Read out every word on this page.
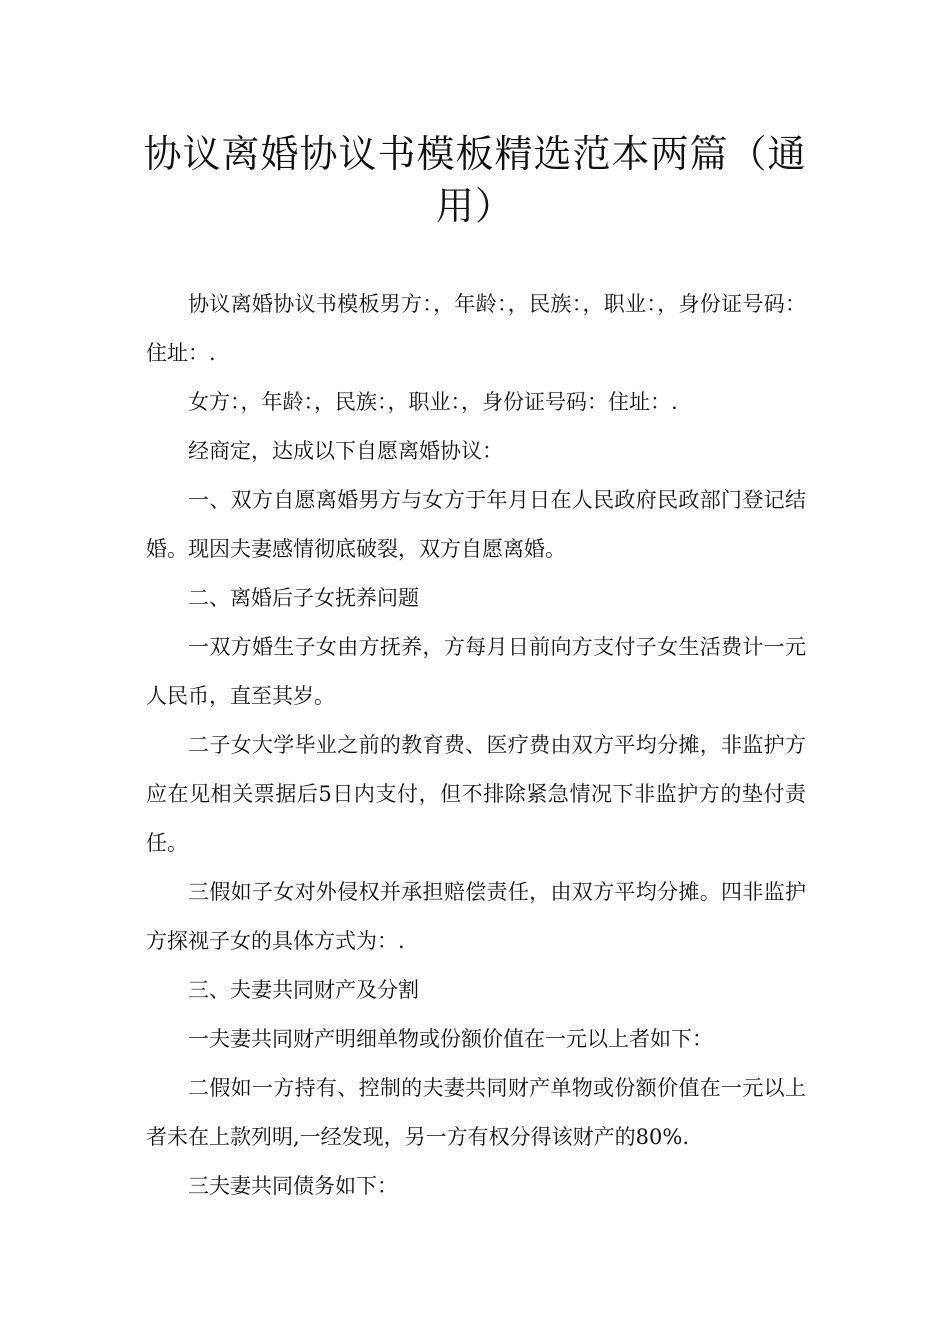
协议离婚协议书模板精选范本两篇（通用）

协议离婚协议书模板男方：，年龄：，民族：，职业：，身份证号码：住址：.

女方：，年龄：，民族：，职业：，身份证号码：住址：.

经商定，达成以下自愿离婚协议：

一、双方自愿离婚男方与女方于年月日在人民政府民政部门登记结婚。现因夫妻感情彻底破裂，双方自愿离婚。

二、离婚后子女抚养问题

一双方婚生子女由方抚养，方每月日前向方支付子女生活费计一元人民币，直至其岁。

二子女大学毕业之前的教育费、医疗费由双方平均分摊，非监护方应在见相关票据后5日内支付，但不排除紧急情况下非监护方的垫付责任。

三假如子女对外侵权并承担赔偿责任，由双方平均分摊。四非监护方探视子女的具体方式为：.

三、夫妻共同财产及分割

一夫妻共同财产明细单物或份额价值在一元以上者如下：

二假如一方持有、控制的夫妻共同财产单物或份额价值在一元以上者未在上款列明,一经发现，另一方有权分得该财产的80%.

三夫妻共同债务如下：
